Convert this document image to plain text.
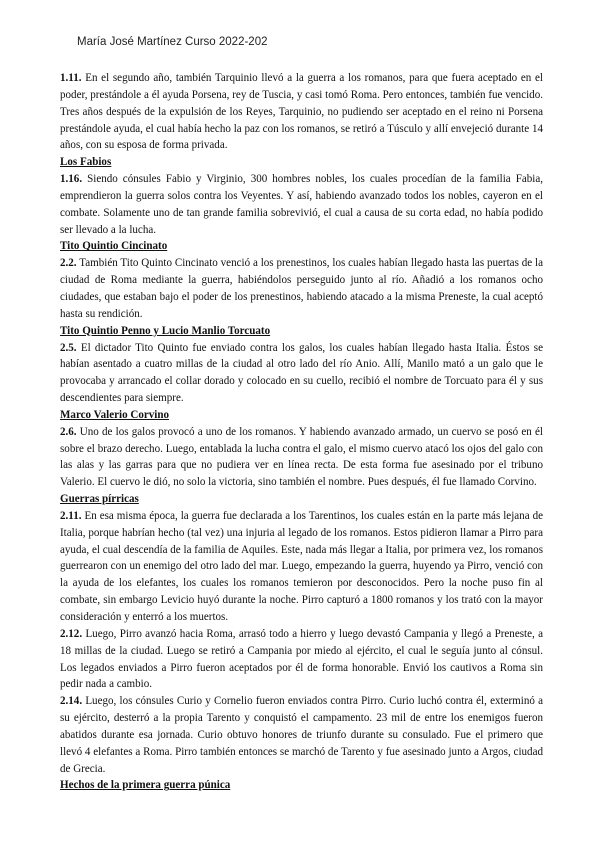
María José Martínez Curso 2022-202

1.11. En el segundo año, también Tarquinio llevó a la guerra a los romanos, para que fuera aceptado en el poder, prestándole a él ayuda Porsena, rey de Tuscia, y casi tomó Roma. Pero entonces, también fue vencido. Tres años después de la expulsión de los Reyes, Tarquinio, no pudiendo ser aceptado en el reino ni Porsena prestándole ayuda, el cual había hecho la paz con los romanos, se retiró a Túsculo y allí envejeció durante 14 años, con su esposa de forma privada.

Los Fabios

1.16. Siendo cónsules Fabio y Virginio, 300 hombres nobles, los cuales procedían de la familia Fabia, emprendieron la guerra solos contra los Veyentes. Y así, habiendo avanzado todos los nobles, cayeron en el combate. Solamente uno de tan grande familia sobrevivió, el cual a causa de su corta edad, no había podido ser llevado a la lucha.

Tito Quintio Cincinato

2.2. También Tito Quinto Cincinato venció a los prenestinos, los cuales habían llegado hasta las puertas de la ciudad de Roma mediante la guerra, habiéndolos perseguido junto al río. Añadió a los romanos ocho ciudades, que estaban bajo el poder de los prenestinos, habiendo atacado a la misma Preneste, la cual aceptó hasta su rendición.

Tito Quintio Penno y Lucio Manlio Torcuato

2.5. El dictador Tito Quinto fue enviado contra los galos, los cuales habían llegado hasta Italia. Éstos se habían asentado a cuatro millas de la ciudad al otro lado del río Anio. Allí, Manilo mató a un galo que le provocaba y arrancado el collar dorado y colocado en su cuello, recibió el nombre de Torcuato para él y sus descendientes para siempre.

Marco Valerio Corvino

2.6. Uno de los galos provocó a uno de los romanos. Y habiendo avanzado armado, un cuervo se posó en él sobre el brazo derecho. Luego, entablada la lucha contra el galo, el mismo cuervo atacó los ojos del galo con las alas y las garras para que no pudiera ver en línea recta. De esta forma fue asesinado por el tribuno Valerio. El cuervo le dió, no solo la victoria, sino también el nombre. Pues después, él fue llamado Corvino.

Guerras pírricas

2.11. En esa misma época, la guerra fue declarada a los Tarentinos, los cuales están en la parte más lejana de Italia, porque habrían hecho (tal vez) una injuria al legado de los romanos. Estos pidieron llamar a Pirro para ayuda, el cual descendía de la familia de Aquiles. Este, nada más llegar a Italia, por primera vez, los romanos guerrearon con un enemigo del otro lado del mar. Luego, empezando la guerra, huyendo ya Pirro, venció con la ayuda de los elefantes, los cuales los romanos temieron por desconocidos. Pero la noche puso fin al combate, sin embargo Levicio huyó durante la noche. Pirro capturó a 1800 romanos y los trató con la mayor consideración y enterró a los muertos.

2.12. Luego, Pirro avanzó hacia Roma, arrasó todo a hierro y luego devastó Campania y llegó a Preneste, a 18 millas de la ciudad. Luego se retiró a Campania por miedo al ejército, el cual le seguía junto al cónsul. Los legados enviados a Pirro fueron aceptados por él de forma honorable. Envió los cautivos a Roma sin pedir nada a cambio.

2.14. Luego, los cónsules Curio y Cornelio fueron enviados contra Pirro. Curio luchó contra él, exterminó a su ejército, desterró a la propia Tarento y conquistó el campamento. 23 mil de entre los enemigos fueron abatidos durante esa jornada. Curio obtuvo honores de triunfo durante su consulado. Fue el primero que llevó 4 elefantes a Roma. Pirro también entonces se marchó de Tarento y fue asesinado junto a Argos, ciudad de Grecia.

Hechos de la primera guerra púnica
